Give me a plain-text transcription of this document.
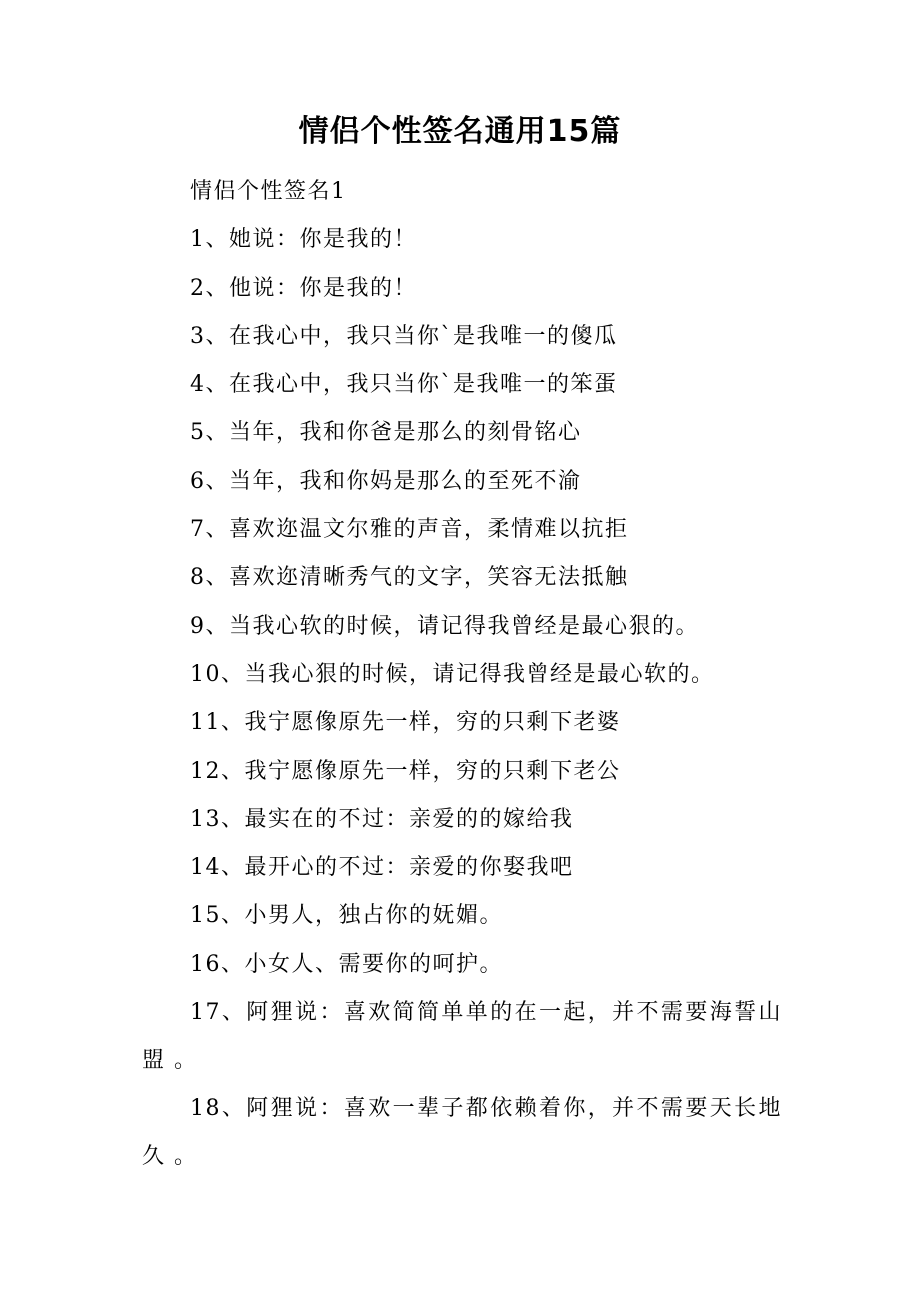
情侣个性签名通用15篇

情侣个性签名1

1、她说：你是我的！

2、他说：你是我的！

3、在我心中，我只当你`是我唯一的傻瓜

4、在我心中，我只当你`是我唯一的笨蛋

5、当年，我和你爸是那么的刻骨铭心

6、当年，我和你妈是那么的至死不渝

7、喜欢迩温文尔雅的声音，柔情难以抗拒

8、喜欢迩清晰秀气的文字，笑容无法抵触

9、当我心软的时候，请记得我曾经是最心狠的。

10、当我心狠的时候，请记得我曾经是最心软的。

11、我宁愿像原先一样，穷的只剩下老婆

12、我宁愿像原先一样，穷的只剩下老公

13、最实在的不过：亲爱的的嫁给我

14、最开心的不过：亲爱的你娶我吧

15、小男人，独占你的妩媚。

16、小女人、需要你的呵护。

17、阿狸说：喜欢简简单单的在一起，并不需要海誓山盟 。

18、阿狸说：喜欢一辈子都依赖着你，并不需要天长地久 。
